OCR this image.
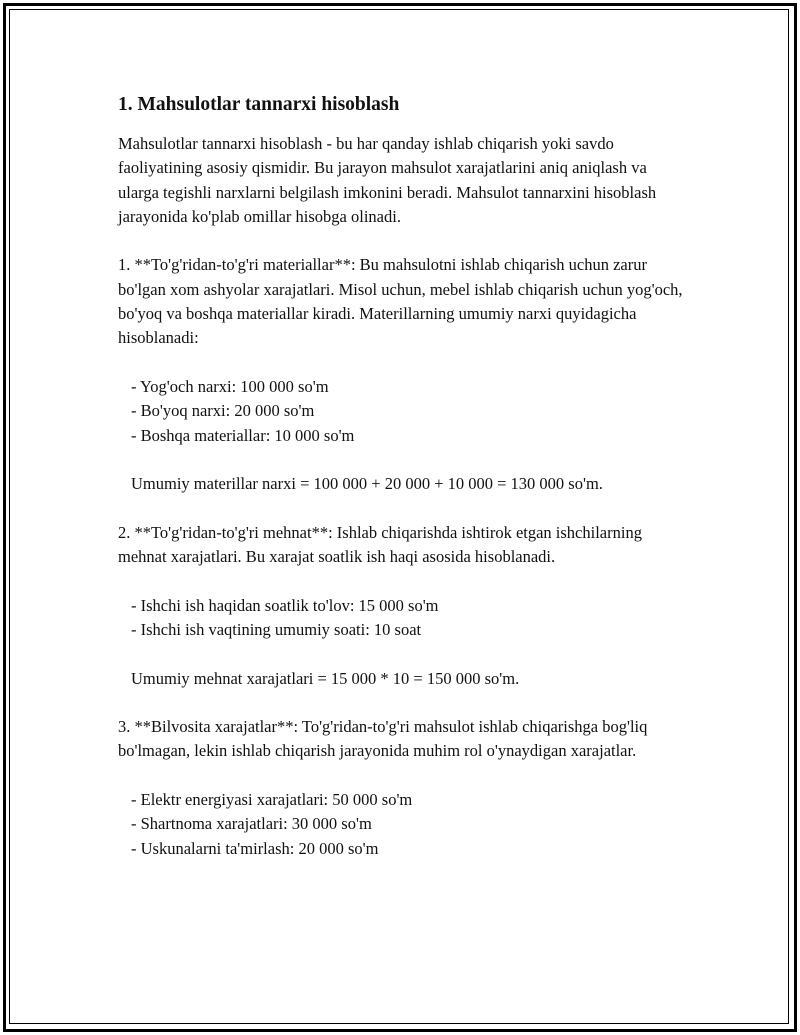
1. Mahsulotlar tannarxi hisoblash

Mahsulotlar tannarxi hisoblash - bu har qanday ishlab chiqarish yoki savdo faoliyatining asosiy qismidir. Bu jarayon mahsulot xarajatlarini aniq aniqlash va ularga tegishli narxlarni belgilash imkonini beradi. Mahsulot tannarxini hisoblash jarayonida ko'plab omillar hisobga olinadi.

1. **To'g'ridan-to'g'ri materiallar**: Bu mahsulotni ishlab chiqarish uchun zarur bo'lgan xom ashyolar xarajatlari. Misol uchun, mebel ishlab chiqarish uchun yog'och, bo'yoq va boshqa materiallar kiradi. Materillarning umumiy narxi quyidagicha hisoblanadi:

- Yog'och narxi: 100 000 so'm
- Bo'yoq narxi: 20 000 so'm
- Boshqa materiallar: 10 000 so'm

Umumiy materillar narxi = 100 000 + 20 000 + 10 000 = 130 000 so'm.

2. **To'g'ridan-to'g'ri mehnat**: Ishlab chiqarishda ishtirok etgan ishchilarning mehnat xarajatlari. Bu xarajat soatlik ish haqi asosida hisoblanadi.

- Ishchi ish haqidan soatlik to'lov: 15 000 so'm
- Ishchi ish vaqtining umumiy soati: 10 soat

Umumiy mehnat xarajatlari = 15 000 * 10 = 150 000 so'm.

3. **Bilvosita xarajatlar**: To'g'ridan-to'g'ri mahsulot ishlab chiqarishga bog'liq bo'lmagan, lekin ishlab chiqarish jarayonida muhim rol o'ynaydigan xarajatlar.

- Elektr energiyasi xarajatlari: 50 000 so'm
- Shartnoma xarajatlari: 30 000 so'm
- Uskunalarni ta'mirlash: 20 000 so'm
